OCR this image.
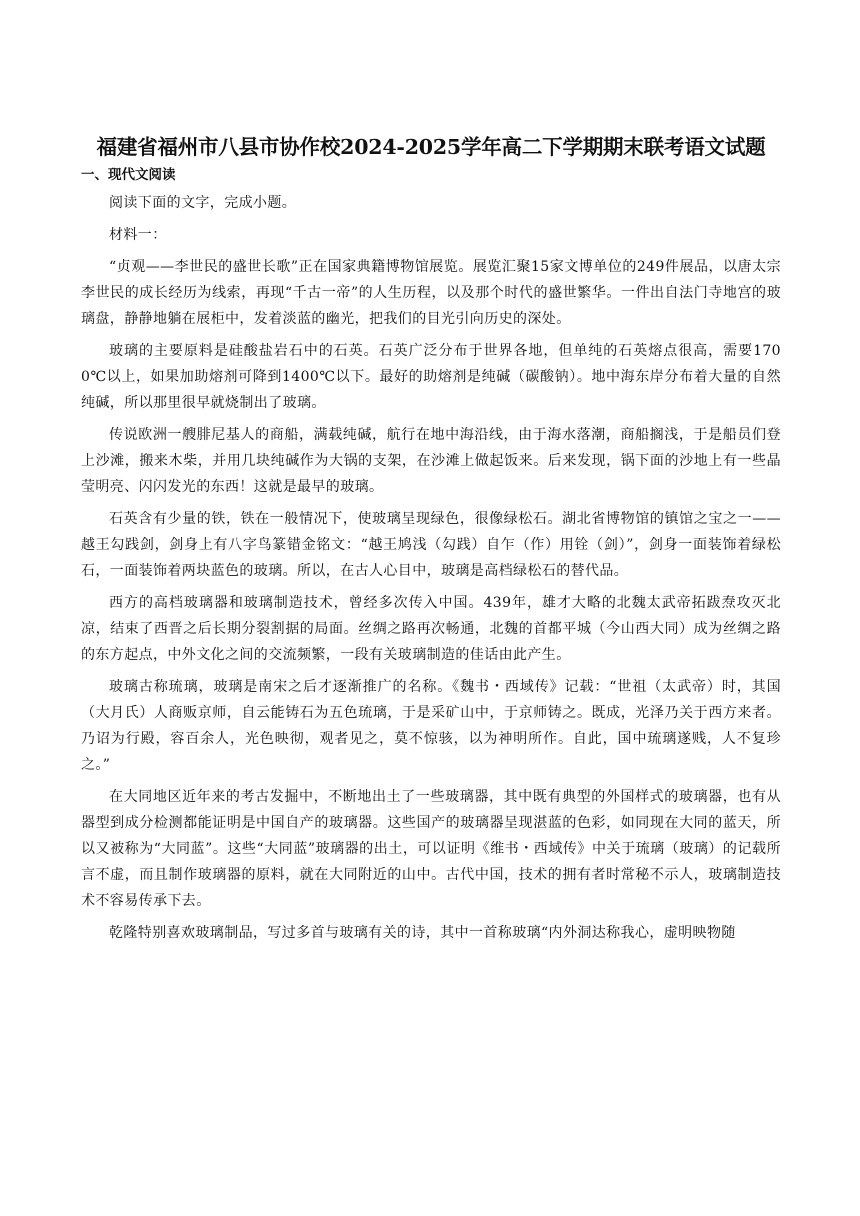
福建省福州市八县市协作校2024-2025学年高二下学期期末联考语文试题
一、现代文阅读

阅读下面的文字，完成小题。

材料一：

“贞观——李世民的盛世长歌”正在国家典籍博物馆展览。展览汇聚15家文博单位的249件展品，以唐太宗李世民的成长经历为线索，再现“千古一帝”的人生历程，以及那个时代的盛世繁华。一件出自法门寺地宫的玻璃盘，静静地躺在展柜中，发着淡蓝的幽光，把我们的目光引向历史的深处。

玻璃的主要原料是硅酸盐岩石中的石英。石英广泛分布于世界各地，但单纯的石英熔点很高，需要1700℃以上，如果加助熔剂可降到1400℃以下。最好的助熔剂是纯碱（碳酸钠）。地中海东岸分布着大量的自然纯碱，所以那里很早就烧制出了玻璃。

传说欧洲一艘腓尼基人的商船，满载纯碱，航行在地中海沿线，由于海水落潮，商船搁浅，于是船员们登上沙滩，搬来木柴，并用几块纯碱作为大锅的支架，在沙滩上做起饭来。后来发现，锅下面的沙地上有一些晶莹明亮、闪闪发光的东西！这就是最早的玻璃。

石英含有少量的铁，铁在一般情况下，使玻璃呈现绿色，很像绿松石。湖北省博物馆的镇馆之宝之一——越王勾践剑，剑身上有八字鸟篆错金铭文：“越王鸠浅（勾践）自乍（作）用铨（剑）”，剑身一面装饰着绿松石，一面装饰着两块蓝色的玻璃。所以，在古人心目中，玻璃是高档绿松石的替代品。

西方的高档玻璃器和玻璃制造技术，曾经多次传入中国。439年，雄才大略的北魏太武帝拓跋焘攻灭北凉，结束了西晋之后长期分裂割据的局面。丝绸之路再次畅通，北魏的首都平城（今山西大同）成为丝绸之路的东方起点，中外文化之间的交流频繁，一段有关玻璃制造的佳话由此产生。

玻璃古称琉璃，玻璃是南宋之后才逐渐推广的名称。《魏书・西域传》记载：“世祖（太武帝）时，其国（大月氏）人商贩京师，自云能铸石为五色琉璃，于是采矿山中，于京师铸之。既成，光泽乃关于西方来者。乃诏为行殿，容百余人，光色映彻，观者见之，莫不惊骇，以为神明所作。自此，国中琉璃遂贱，人不复珍之。”

在大同地区近年来的考古发掘中，不断地出土了一些玻璃器，其中既有典型的外国样式的玻璃器，也有从器型到成分检测都能证明是中国自产的玻璃器。这些国产的玻璃器呈现湛蓝的色彩，如同现在大同的蓝天，所以又被称为“大同蓝”。这些“大同蓝”玻璃器的出土，可以证明《维书・西域传》中关于琉璃（玻璃）的记载所言不虚，而且制作玻璃器的原料，就在大同附近的山中。古代中国，技术的拥有者时常秘不示人，玻璃制造技术不容易传承下去。

乾隆特别喜欢玻璃制品，写过多首与玻璃有关的诗，其中一首称玻璃“内外洞达称我心，虚明映物随
